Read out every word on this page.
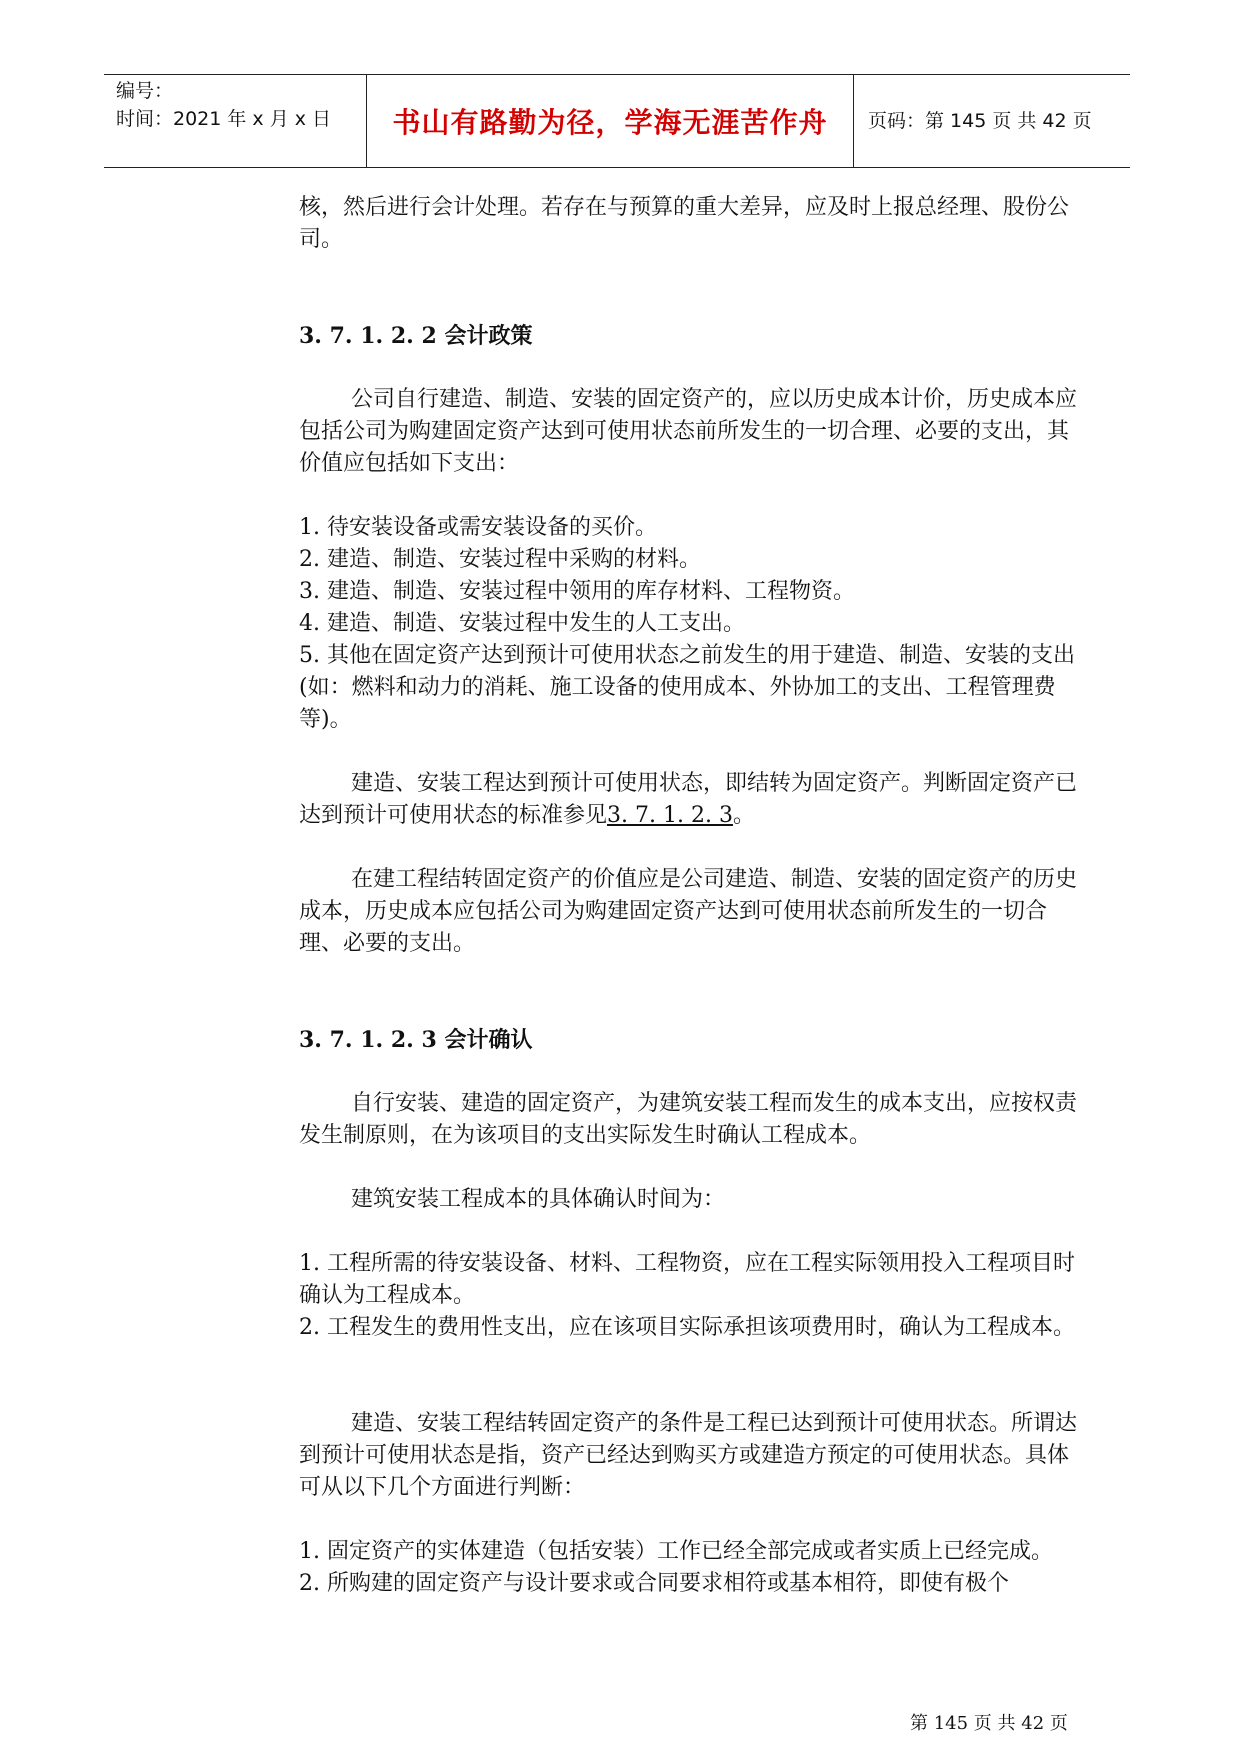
编号：
时间：2021 年 x 月 x 日 书山有路勤为径，学海无涯苦作舟 页码：第 145 页 共 42 页
核，然后进行会计处理。若存在与预算的重大差异，应及时上报总经理、股份公司。
3. 7. 1. 2. 2 会计政策
公司自行建造、制造、安装的固定资产的，应以历史成本计价，历史成本应包括公司为购建固定资产达到可使用状态前所发生的一切合理、必要的支出，其价值应包括如下支出：
1. 待安装设备或需安装设备的买价。
2. 建造、制造、安装过程中采购的材料。
3. 建造、制造、安装过程中领用的库存材料、工程物资。
4. 建造、制造、安装过程中发生的人工支出。
5. 其他在固定资产达到预计可使用状态之前发生的用于建造、制造、安装的支出(如：燃料和动力的消耗、施工设备的使用成本、外协加工的支出、工程管理费等)。
建造、安装工程达到预计可使用状态，即结转为固定资产。判断固定资产已达到预计可使用状态的标准参见3. 7. 1. 2. 3。
在建工程结转固定资产的价值应是公司建造、制造、安装的固定资产的历史成本，历史成本应包括公司为购建固定资产达到可使用状态前所发生的一切合理、必要的支出。
3. 7. 1. 2. 3 会计确认
自行安装、建造的固定资产，为建筑安装工程而发生的成本支出，应按权责发生制原则，在为该项目的支出实际发生时确认工程成本。
建筑安装工程成本的具体确认时间为：
1. 工程所需的待安装设备、材料、工程物资，应在工程实际领用投入工程项目时确认为工程成本。
2. 工程发生的费用性支出，应在该项目实际承担该项费用时，确认为工程成本。
建造、安装工程结转固定资产的条件是工程已达到预计可使用状态。所谓达到预计可使用状态是指，资产已经达到购买方或建造方预定的可使用状态。具体可从以下几个方面进行判断：
1. 固定资产的实体建造（包括安装）工作已经全部完成或者实质上已经完成。
2. 所购建的固定资产与设计要求或合同要求相符或基本相符，即使有极个
第 145 页 共 42 页
